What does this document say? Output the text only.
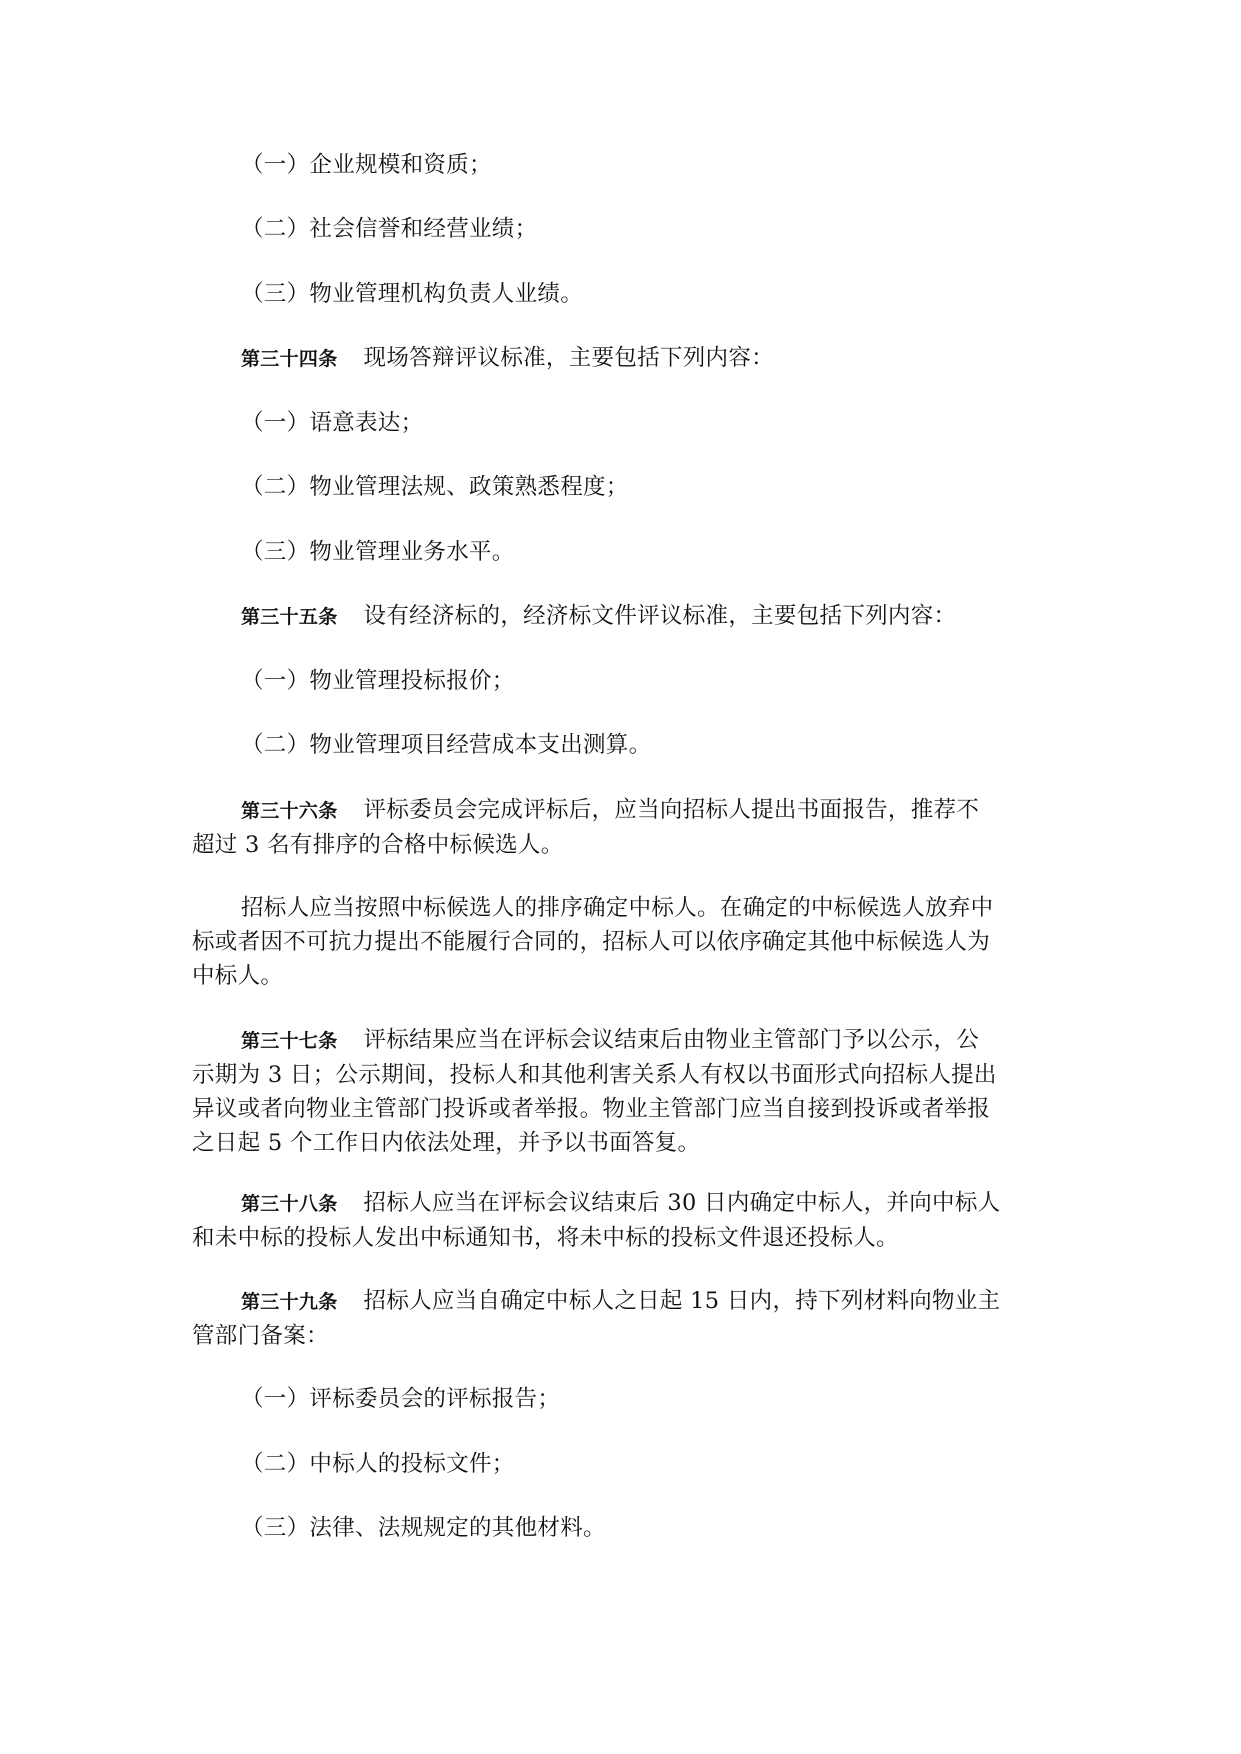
（一）企业规模和资质；
（二）社会信誉和经营业绩；
（三）物业管理机构负责人业绩。
第三十四条 现场答辩评议标准，主要包括下列内容：
（一）语意表达；
（二）物业管理法规、政策熟悉程度；
（三）物业管理业务水平。
第三十五条 设有经济标的，经济标文件评议标准，主要包括下列内容：
（一）物业管理投标报价；
（二）物业管理项目经营成本支出测算。
第三十六条 评标委员会完成评标后，应当向招标人提出书面报告，推荐不
超过 3 名有排序的合格中标候选人。
招标人应当按照中标候选人的排序确定中标人。在确定的中标候选人放弃中
标或者因不可抗力提出不能履行合同的，招标人可以依序确定其他中标候选人为
中标人。
第三十七条 评标结果应当在评标会议结束后由物业主管部门予以公示，公
示期为 3 日；公示期间，投标人和其他利害关系人有权以书面形式向招标人提出
异议或者向物业主管部门投诉或者举报。物业主管部门应当自接到投诉或者举报
之日起 5 个工作日内依法处理，并予以书面答复。
第三十八条 招标人应当在评标会议结束后 30 日内确定中标人，并向中标人
和未中标的投标人发出中标通知书，将未中标的投标文件退还投标人。
第三十九条 招标人应当自确定中标人之日起 15 日内，持下列材料向物业主
管部门备案：
（一）评标委员会的评标报告；
（二）中标人的投标文件；
（三）法律、法规规定的其他材料。
